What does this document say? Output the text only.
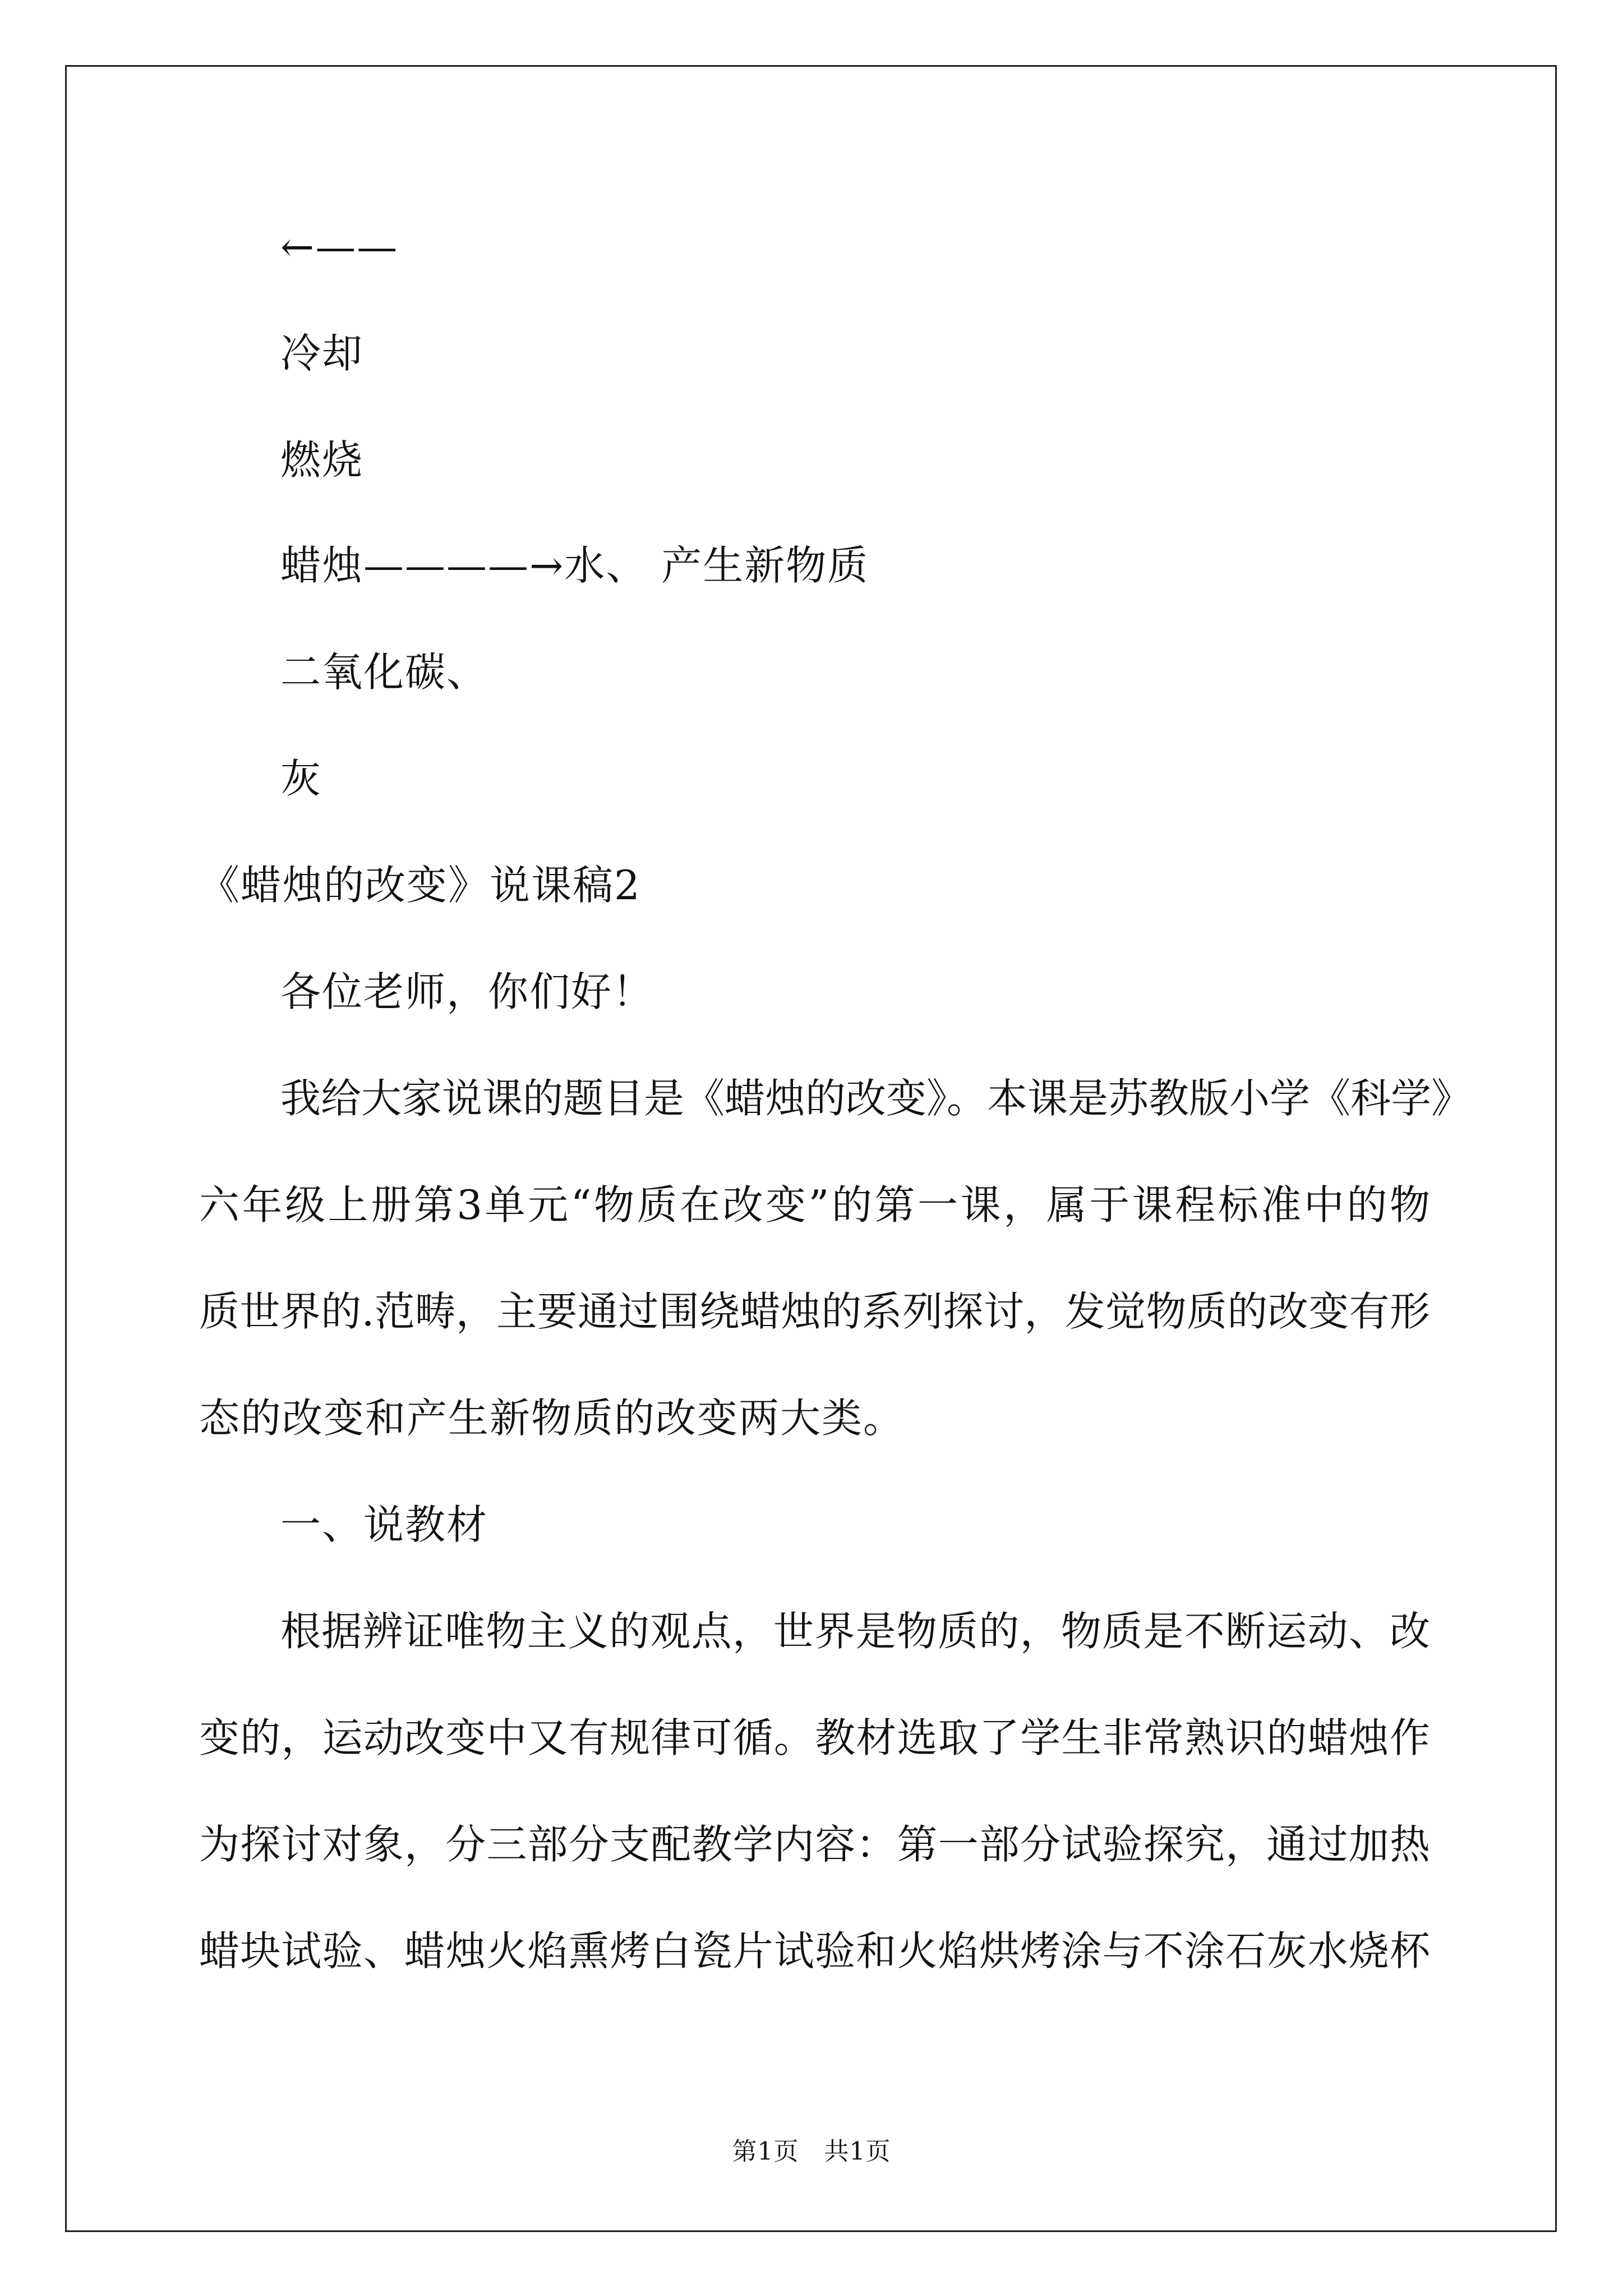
←——
冷却
燃烧
蜡烛————→水、 产生新物质
二氧化碳、
灰
《蜡烛的改变》说课稿2
各位老师，你们好！
我给大家说课的题目是《蜡烛的改变》。本课是苏教版小学《科学》
六年级上册第3单元“物质在改变”的第一课，属于课程标准中的物
质世界的.范畴，主要通过围绕蜡烛的系列探讨，发觉物质的改变有形
态的改变和产生新物质的改变两大类。
一、说教材
根据辨证唯物主义的观点，世界是物质的，物质是不断运动、改
变的，运动改变中又有规律可循。教材选取了学生非常熟识的蜡烛作
为探讨对象，分三部分支配教学内容：第一部分试验探究，通过加热
蜡块试验、蜡烛火焰熏烤白瓷片试验和火焰烘烤涂与不涂石灰水烧杯
第1页　共1页
